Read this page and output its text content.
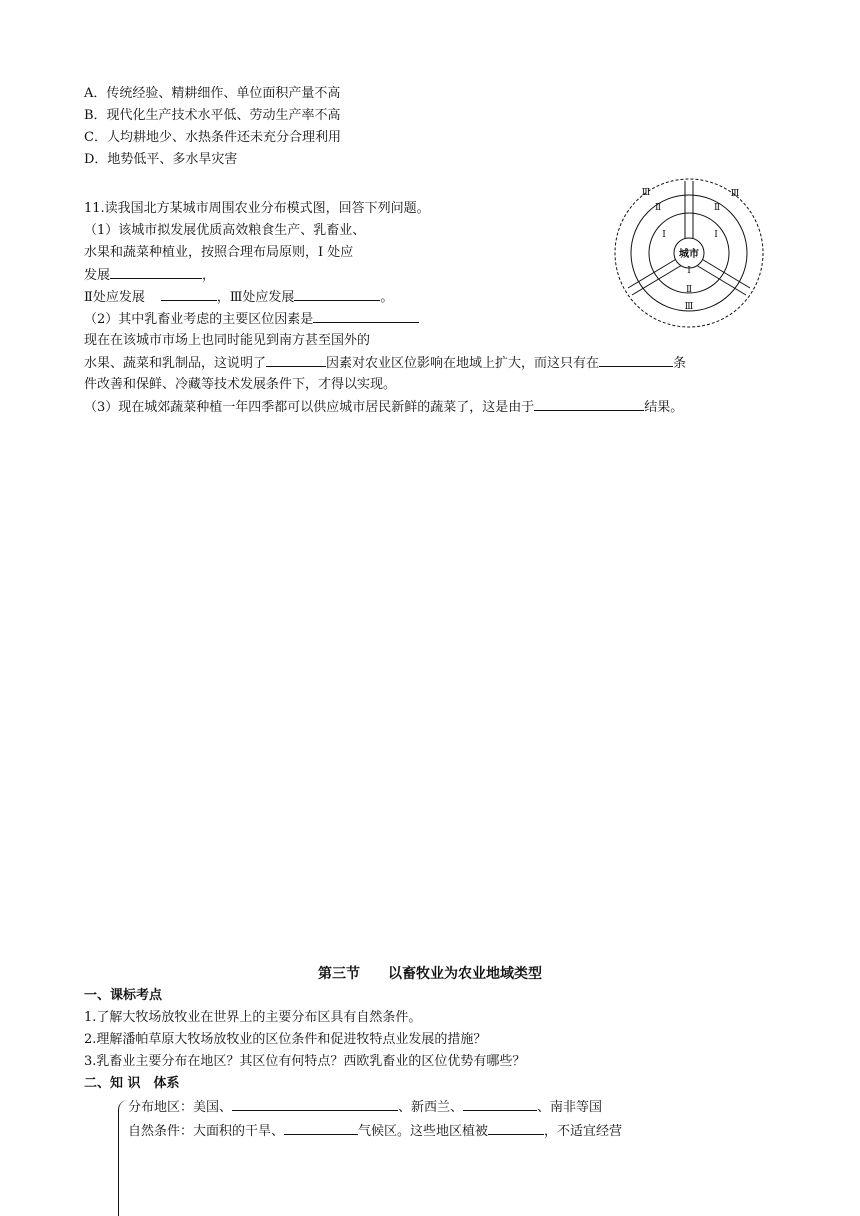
A．传统经验、精耕细作、单位面积产量不高
B．现代化生产技术水平低、劳动生产率不高
C．人均耕地少、水热条件还未充分合理利用
D．地势低平、多水旱灾害
11.读我国北方某城市周围农业分布模式图，回答下列问题。
（1）该城市拟发展优质高效粮食生产、乳畜业、
水果和蔬菜种植业，按照合理布局原则，I 处应
发展	，
Ⅱ处应发展	，Ⅲ处应发展	。
（2）其中乳畜业考虑的主要区位因素是
现在在该城市市场上也同时能见到南方甚至国外的
水果、蔬菜和乳制品，这说明了	因素对农业区位影响在地域上扩大，而这只有在	条
件改善和保鲜、冷藏等技术发展条件下，才得以实现。
（3）现在城郊蔬菜种植一年四季都可以供应城市居民新鲜的蔬菜了，这是由于	结果。
城市
I	I
I
Ⅱ	Ⅱ
Ⅱ
Ⅲ	Ⅲ
Ⅲ
第三节　　以畜牧业为农业地域类型
一、课标考点
1.了解大牧场放牧业在世界上的主要分布区具有自然条件。
2.理解潘帕草原大牧场放牧业的区位条件和促进牧特点业发展的措施？
3.乳畜业主要分布在地区？其区位有何特点？西欧乳畜业的区位优势有哪些？
二、知 识　体系
分布地区：美国、	、新西兰、	、南非等国
自然条件：大面积的干旱、	气候区。这些地区植被	，不适宜经营
